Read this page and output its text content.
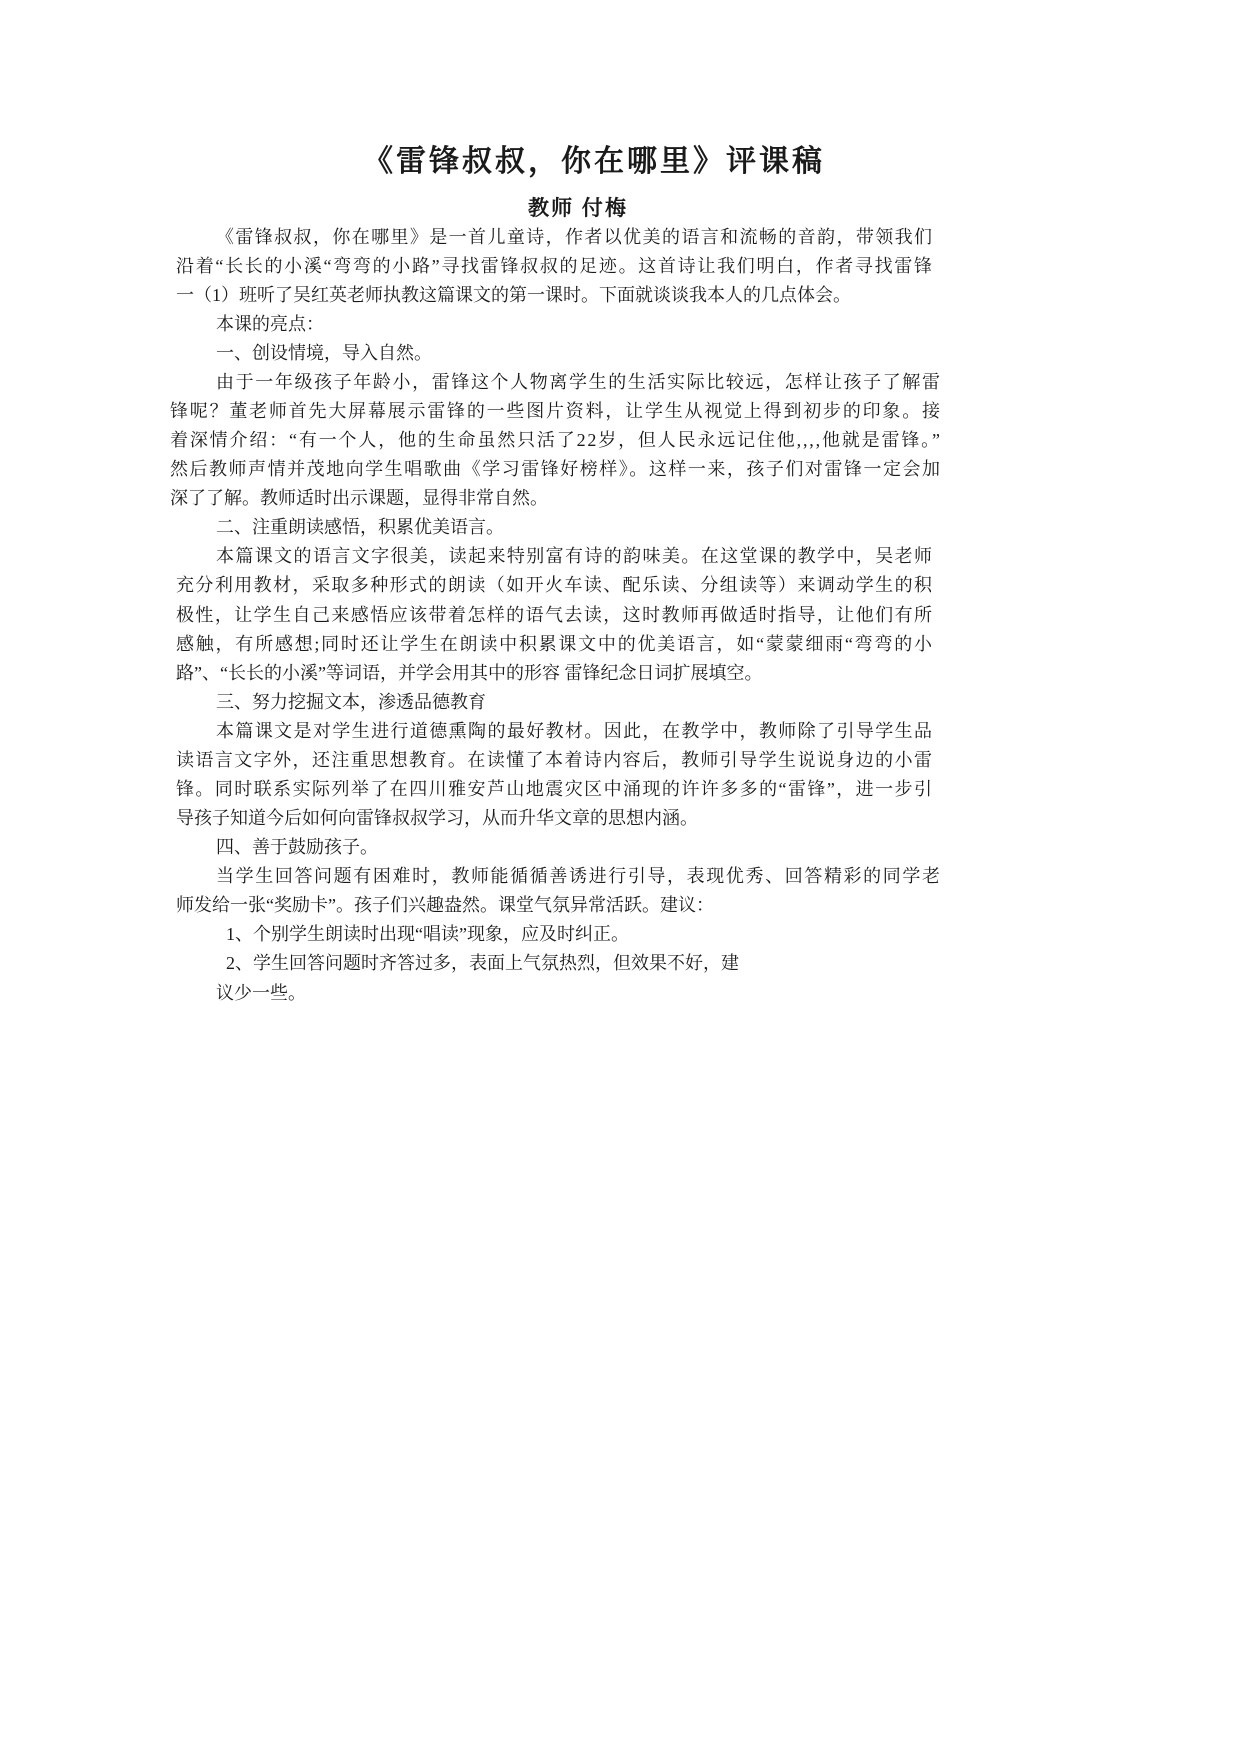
《雷锋叔叔，你在哪里》评课稿
教师 付梅
《雷锋叔叔，你在哪里》是一首儿童诗，作者以优美的语言和流畅的音韵，带领我们
沿着“长长的小溪“弯弯的小路”寻找雷锋叔叔的足迹。这首诗让我们明白，作者寻找雷锋
一（1）班听了吴红英老师执教这篇课文的第一课时。下面就谈谈我本人的几点体会。
本课的亮点：
一、创设情境，导入自然。
由于一年级孩子年龄小，雷锋这个人物离学生的生活实际比较远，怎样让孩子了解雷
锋呢？董老师首先大屏幕展示雷锋的一些图片资料，让学生从视觉上得到初步的印象。接
着深情介绍：“有一个人，他的生命虽然只活了22岁，但人民永远记住他,,,,他就是雷锋。”
然后教师声情并茂地向学生唱歌曲《学习雷锋好榜样》。这样一来，孩子们对雷锋一定会加
深了了解。教师适时出示课题，显得非常自然。
二、注重朗读感悟，积累优美语言。
本篇课文的语言文字很美，读起来特别富有诗的韵味美。在这堂课的教学中，吴老师
充分利用教材，采取多种形式的朗读（如开火车读、配乐读、分组读等）来调动学生的积
极性，让学生自己来感悟应该带着怎样的语气去读，这时教师再做适时指导，让他们有所
感触，有所感想;同时还让学生在朗读中积累课文中的优美语言，如“蒙蒙细雨“弯弯的小
路”、“长长的小溪”等词语，并学会用其中的形容 雷锋纪念日词扩展填空。
三、努力挖掘文本，渗透品德教育
本篇课文是对学生进行道德熏陶的最好教材。因此，在教学中，教师除了引导学生品
读语言文字外，还注重思想教育。在读懂了本着诗内容后，教师引导学生说说身边的小雷
锋。同时联系实际列举了在四川雅安芦山地震灾区中涌现的许许多多的“雷锋”，进一步引
导孩子知道今后如何向雷锋叔叔学习，从而升华文章的思想内涵。
四、善于鼓励孩子。
当学生回答问题有困难时，教师能循循善诱进行引导，表现优秀、回答精彩的同学老
师发给一张“奖励卡”。孩子们兴趣盎然。课堂气氛异常活跃。建议：
1、个别学生朗读时出现“唱读”现象，应及时纠正。
2、学生回答问题时齐答过多，表面上气氛热烈，但效果不好，建
议少一些。
